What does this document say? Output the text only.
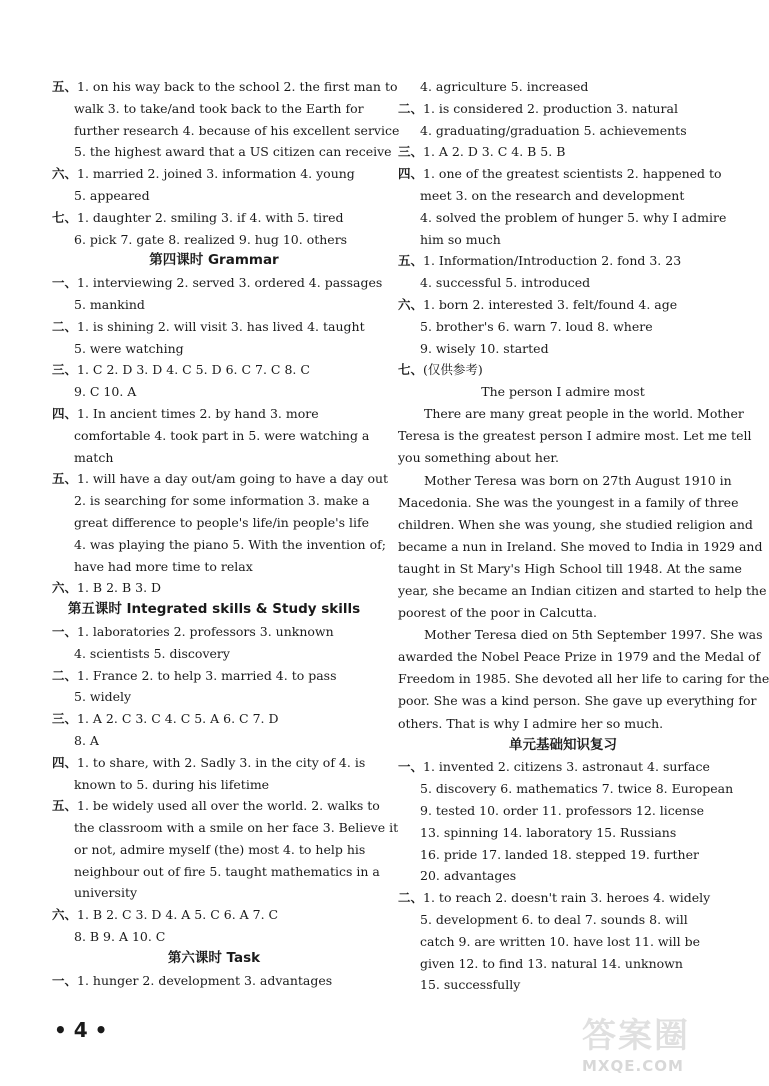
五、1. on his way back to the school 2. the first man to
walk 3. to take/and took back to the Earth for
further research 4. because of his excellent service
5. the highest award that a US citizen can receive
六、1. married 2. joined 3. information 4. young
5. appeared
七、1. daughter 2. smiling 3. if 4. with 5. tired
6. pick 7. gate 8. realized 9. hug 10. others
第四课时 Grammar
一、1. interviewing 2. served 3. ordered 4. passages
5. mankind
二、1. is shining 2. will visit 3. has lived 4. taught
5. were watching
三、1. C 2. D 3. D 4. C 5. D 6. C 7. C 8. C
9. C 10. A
四、1. In ancient times 2. by hand 3. more
comfortable 4. took part in 5. were watching a
match
五、1. will have a day out/am going to have a day out
2. is searching for some information 3. make a
great difference to people's life/in people's life
4. was playing the piano 5. With the invention of;
have had more time to relax
六、1. B 2. B 3. D
第五课时 Integrated skills & Study skills
一、1. laboratories 2. professors 3. unknown
4. scientists 5. discovery
二、1. France 2. to help 3. married 4. to pass
5. widely
三、1. A 2. C 3. C 4. C 5. A 6. C 7. D
8. A
四、1. to share, with 2. Sadly 3. in the city of 4. is
known to 5. during his lifetime
五、1. be widely used all over the world. 2. walks to
the classroom with a smile on her face 3. Believe it
or not, admire myself (the) most 4. to help his
neighbour out of fire 5. taught mathematics in a
university
六、1. B 2. C 3. D 4. A 5. C 6. A 7. C
8. B 9. A 10. C
第六课时 Task
一、1. hunger 2. development 3. advantages
4. agriculture 5. increased
二、1. is considered 2. production 3. natural
4. graduating/graduation 5. achievements
三、1. A 2. D 3. C 4. B 5. B
四、1. one of the greatest scientists 2. happened to
meet 3. on the research and development
4. solved the problem of hunger 5. why I admire
him so much
五、1. Information/Introduction 2. fond 3. 23
4. successful 5. introduced
六、1. born 2. interested 3. felt/found 4. age
5. brother's 6. warn 7. loud 8. where
9. wisely 10. started
七、(仅供参考)
The person I admire most
There are many great people in the world. Mother
Teresa is the greatest person I admire most. Let me tell
you something about her.
Mother Teresa was born on 27th August 1910 in
Macedonia. She was the youngest in a family of three
children. When she was young, she studied religion and
became a nun in Ireland. She moved to India in 1929 and
taught in St Mary's High School till 1948. At the same
year, she became an Indian citizen and started to help the
poorest of the poor in Calcutta.
Mother Teresa died on 5th September 1997. She was
awarded the Nobel Peace Prize in 1979 and the Medal of
Freedom in 1985. She devoted all her life to caring for the
poor. She was a kind person. She gave up everything for
others. That is why I admire her so much.
单元基础知识复习
一、1. invented 2. citizens 3. astronaut 4. surface
5. discovery 6. mathematics 7. twice 8. European
9. tested 10. order 11. professors 12. license
13. spinning 14. laboratory 15. Russians
16. pride 17. landed 18. stepped 19. further
20. advantages
二、1. to reach 2. doesn't rain 3. heroes 4. widely
5. development 6. to deal 7. sounds 8. will
catch 9. are written 10. have lost 11. will be
given 12. to find 13. natural 14. unknown
15. successfully
• 4 •	答案圈
MXQE.COM
